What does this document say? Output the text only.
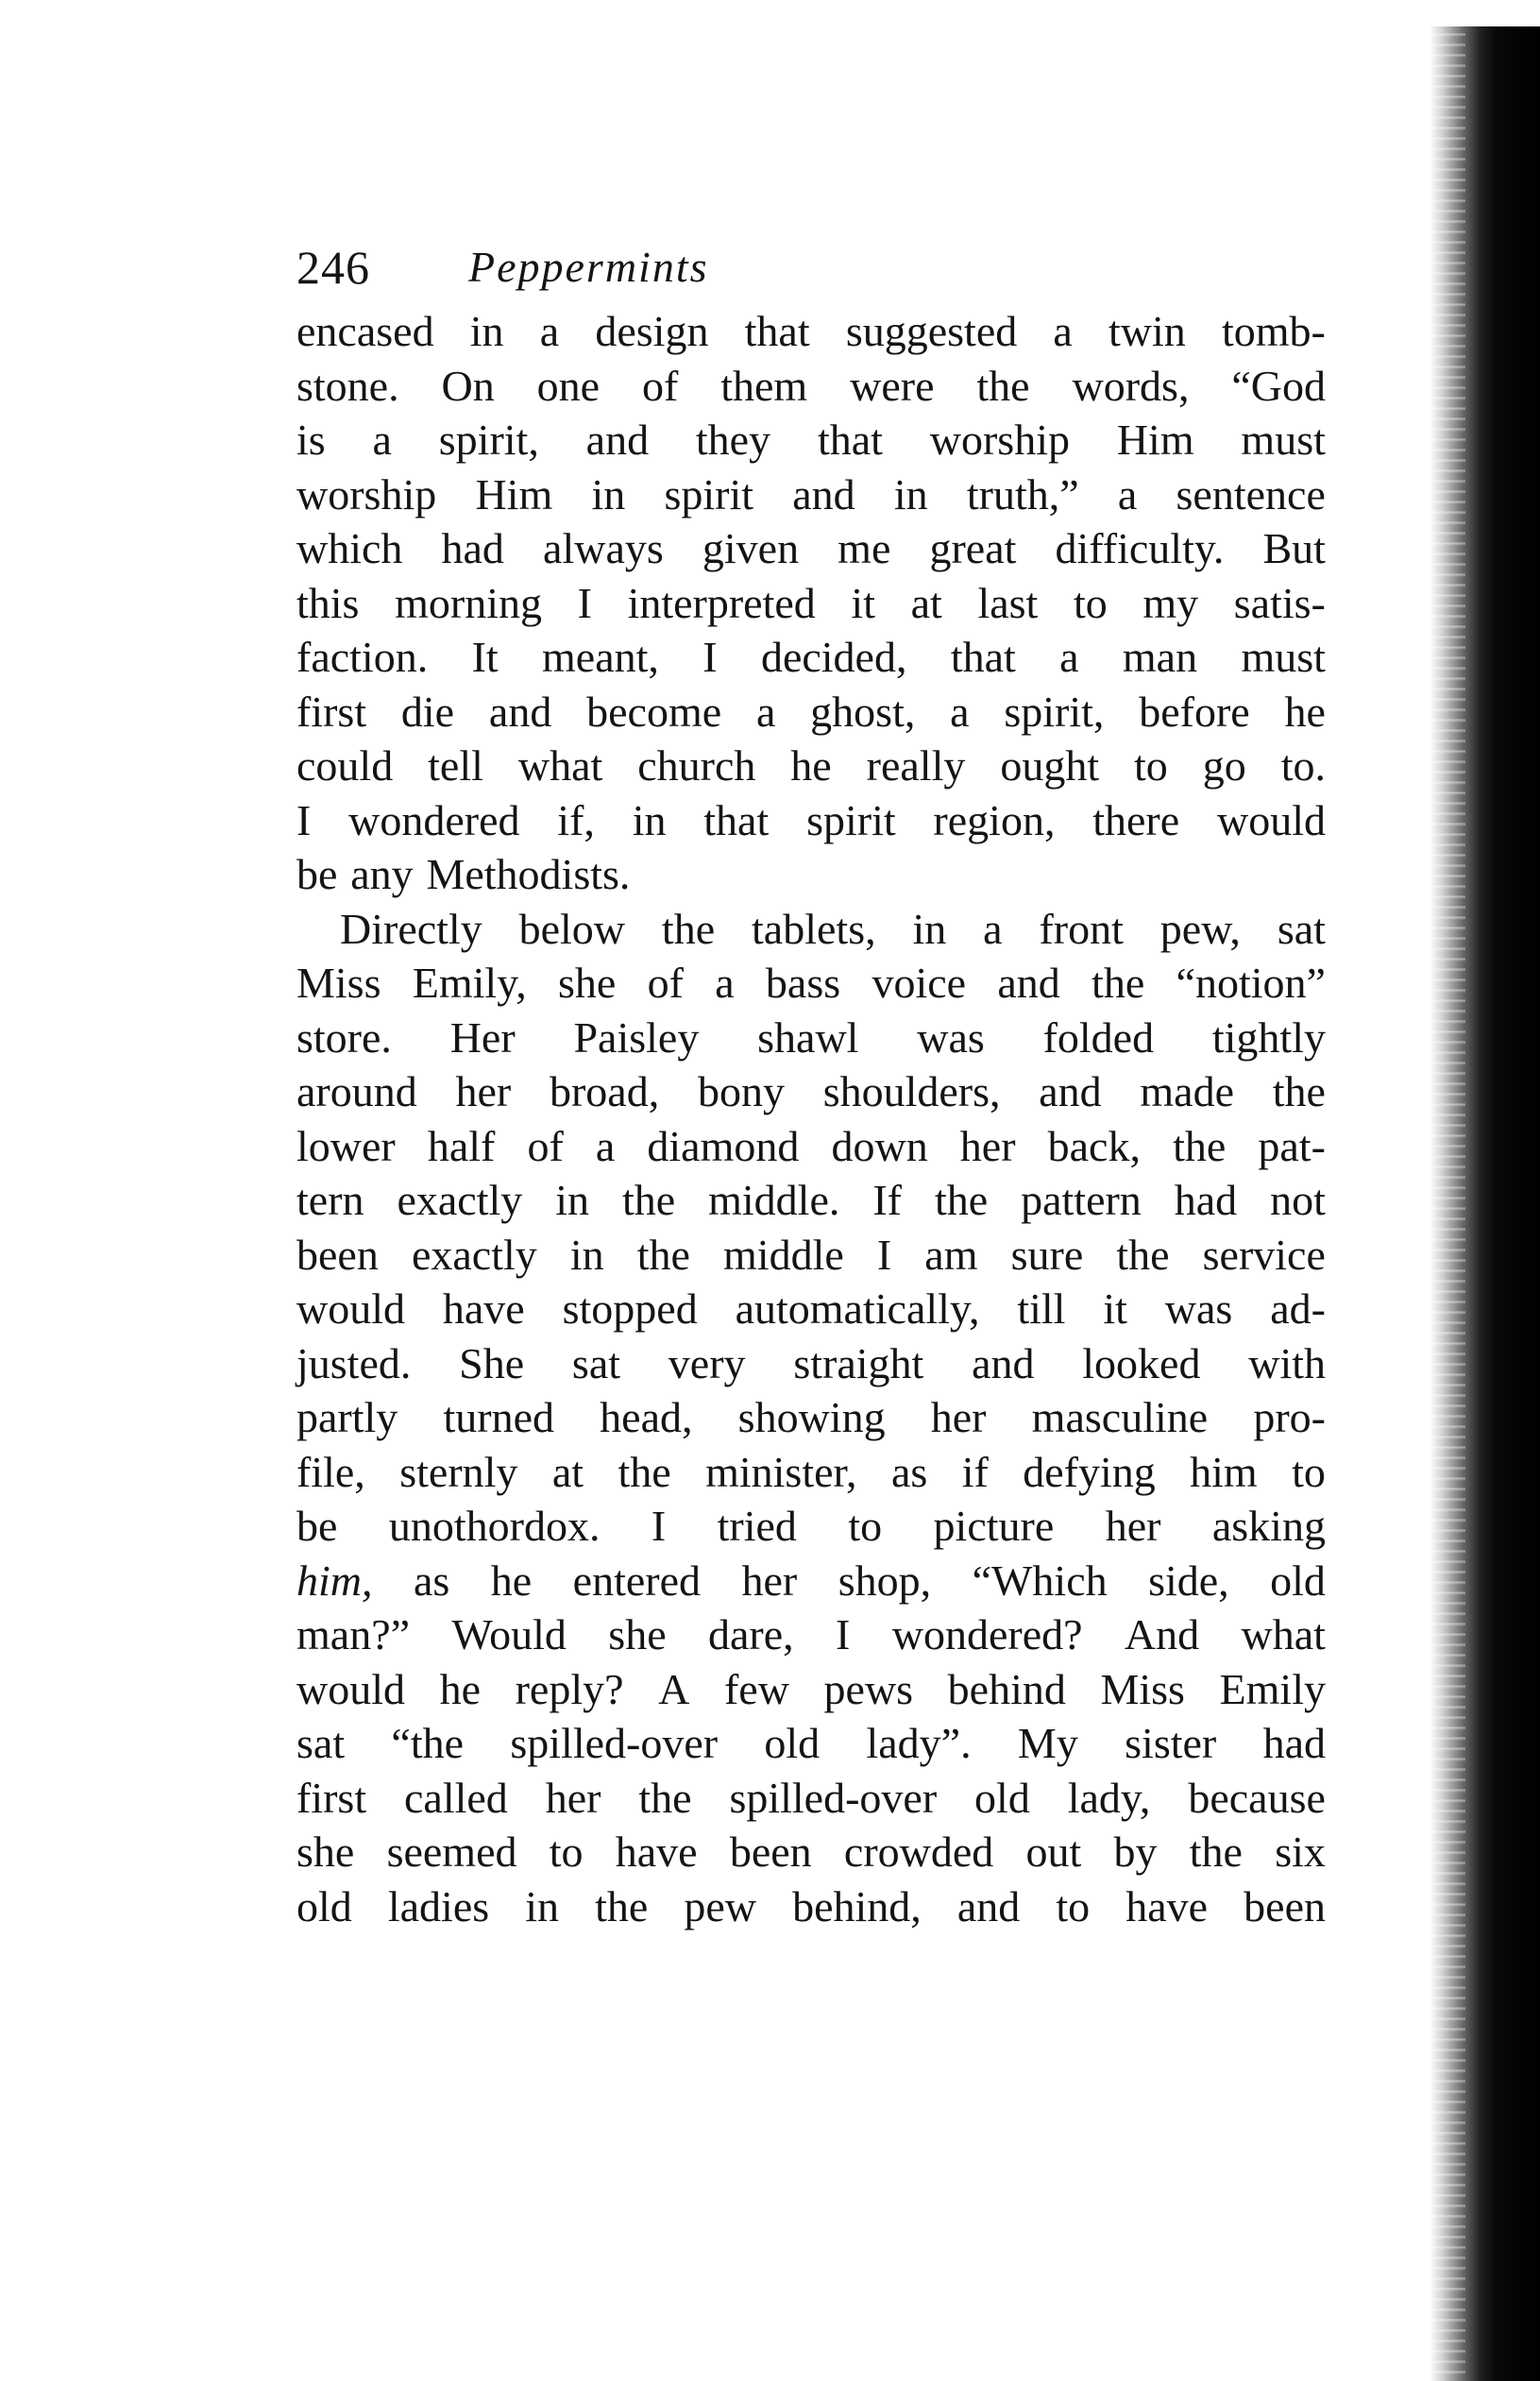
246 Peppermints
encased in a design that suggested a twin tomb-
stone. On one of them were the words, “God
is a spirit, and they that worship Him must
worship Him in spirit and in truth,” a sentence
which had always given me great difficulty. But
this morning I interpreted it at last to my satis-
faction. It meant, I decided, that a man must
first die and become a ghost, a spirit, before he
could tell what church he really ought to go to.
I wondered if, in that spirit region, there would
be any Methodists.
Directly below the tablets, in a front pew, sat
Miss Emily, she of a bass voice and the “notion”
store. Her Paisley shawl was folded tightly
around her broad, bony shoulders, and made the
lower half of a diamond down her back, the pat-
tern exactly in the middle. If the pattern had not
been exactly in the middle I am sure the service
would have stopped automatically, till it was ad-
justed. She sat very straight and looked with
partly turned head, showing her masculine pro-
file, sternly at the minister, as if defying him to
be unothordox. I tried to picture her asking
him, as he entered her shop, “Which side, old
man?” Would she dare, I wondered? And what
would he reply? A few pews behind Miss Emily
sat “the spilled-over old lady”. My sister had
first called her the spilled-over old lady, because
she seemed to have been crowded out by the six
old ladies in the pew behind, and to have been
